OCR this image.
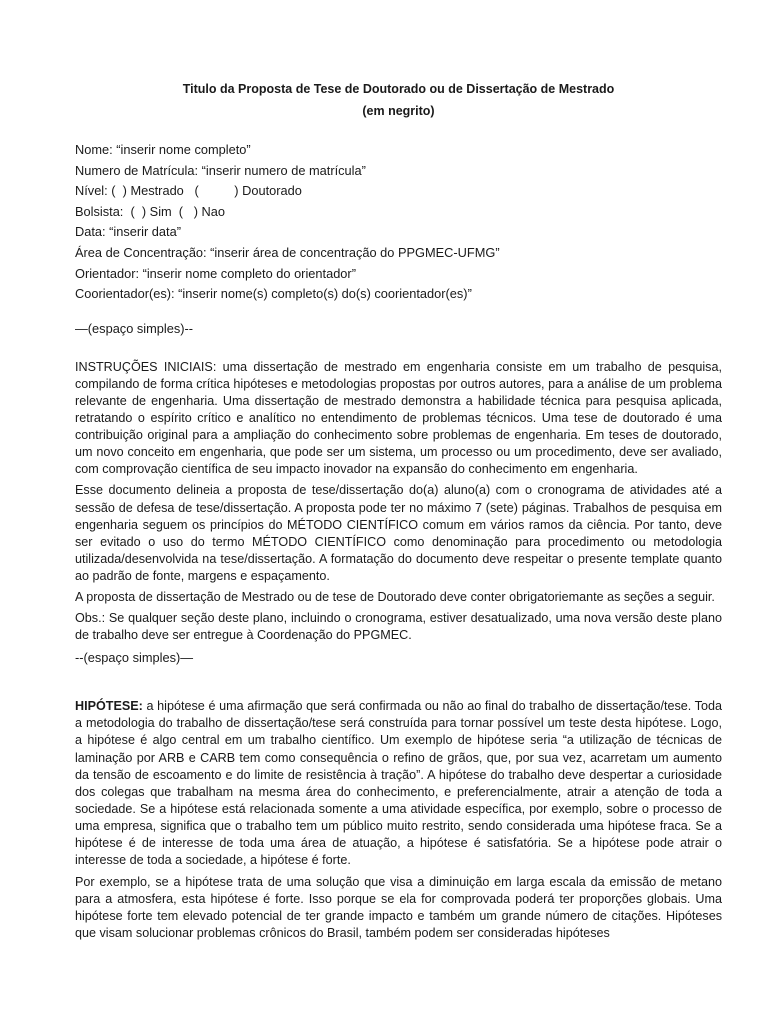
Titulo da Proposta de Tese de Doutorado ou de Dissertação de Mestrado
(em negrito)
Nome: “inserir nome completo”
Numero de Matrícula: “inserir numero de matrícula”
Nível: (  ) Mestrado   (          ) Doutorado
Bolsista:  (  ) Sim  (   ) Nao
Data: “inserir data”
Área de Concentração: “inserir área de concentração do PPGMEC-UFMG”
Orientador: “inserir nome completo do orientador”
Coorientador(es): “inserir nome(s) completo(s) do(s) coorientador(es)”
—(espaço simples)--

INSTRUÇÕES INICIAIS: uma dissertação de mestrado em engenharia consiste em um trabalho de pesquisa, compilando de forma crítica hipóteses e metodologias propostas por outros autores, para a análise de um problema relevante de engenharia. Uma dissertação de mestrado demonstra a habilidade técnica para pesquisa aplicada, retratando o espírito crítico e analítico no entendimento de problemas técnicos. Uma tese de doutorado é uma contribuição original para a ampliação do conhecimento sobre problemas de engenharia. Em teses de doutorado, um novo conceito em engenharia, que pode ser um sistema, um processo ou um procedimento, deve ser avaliado, com comprovação científica de seu impacto inovador na expansão do conhecimento em engenharia.

Esse documento delineia a proposta de tese/dissertação do(a) aluno(a) com o cronograma de atividades até a sessão de defesa de tese/dissertação. A proposta pode ter no máximo 7 (sete) páginas. Trabalhos de pesquisa em engenharia seguem os princípios do MÉTODO CIENTÍFICO comum em vários ramos da ciência. Por tanto, deve ser evitado o uso do termo MÉTODO CIENTÍFICO como denominação para procedimento ou metodologia utilizada/desenvolvida na tese/dissertação. A formatação do documento deve respeitar o presente template quanto ao padrão de fonte, margens e espaçamento.

A proposta de dissertação de Mestrado ou de tese de Doutorado deve conter obrigatoriemante as seções a seguir.

Obs.: Se qualquer seção deste plano, incluindo o cronograma, estiver desatualizado, uma nova versão deste plano de trabalho deve ser entregue à Coordenação do PPGMEC.

--(espaço simples)—

HIPÓTESE: a hipótese é uma afirmação que será confirmada ou não ao final do trabalho de dissertação/tese. Toda a metodologia do trabalho de dissertação/tese será construída para tornar possível um teste desta hipótese. Logo, a hipótese é algo central em um trabalho científico. Um exemplo de hipótese seria “a utilização de técnicas de laminação por ARB e CARB tem como consequência o refino de grãos, que, por sua vez, acarretam um aumento da tensão de escoamento e do limite de resistência à tração”. A hipótese do trabalho deve despertar a curiosidade dos colegas que trabalham na mesma área do conhecimento, e preferencialmente, atrair a atenção de toda a sociedade. Se a hipótese está relacionada somente a uma atividade específica, por exemplo, sobre o processo de uma empresa, significa que o trabalho tem um público muito restrito, sendo considerada uma hipótese fraca. Se a hipótese é de interesse de toda uma área de atuação, a hipótese é satisfatória. Se a hipótese pode atrair o interesse de toda a sociedade, a hipótese é forte.

Por exemplo, se a hipótese trata de uma solução que visa a diminuição em larga escala da emissão de metano para a atmosfera, esta hipótese é forte. Isso porque se ela for comprovada poderá ter proporções globais. Uma hipótese forte tem elevado potencial de ter grande impacto e também um grande número de citações. Hipóteses que visam solucionar problemas crônicos do Brasil, também podem ser consideradas hipóteses
